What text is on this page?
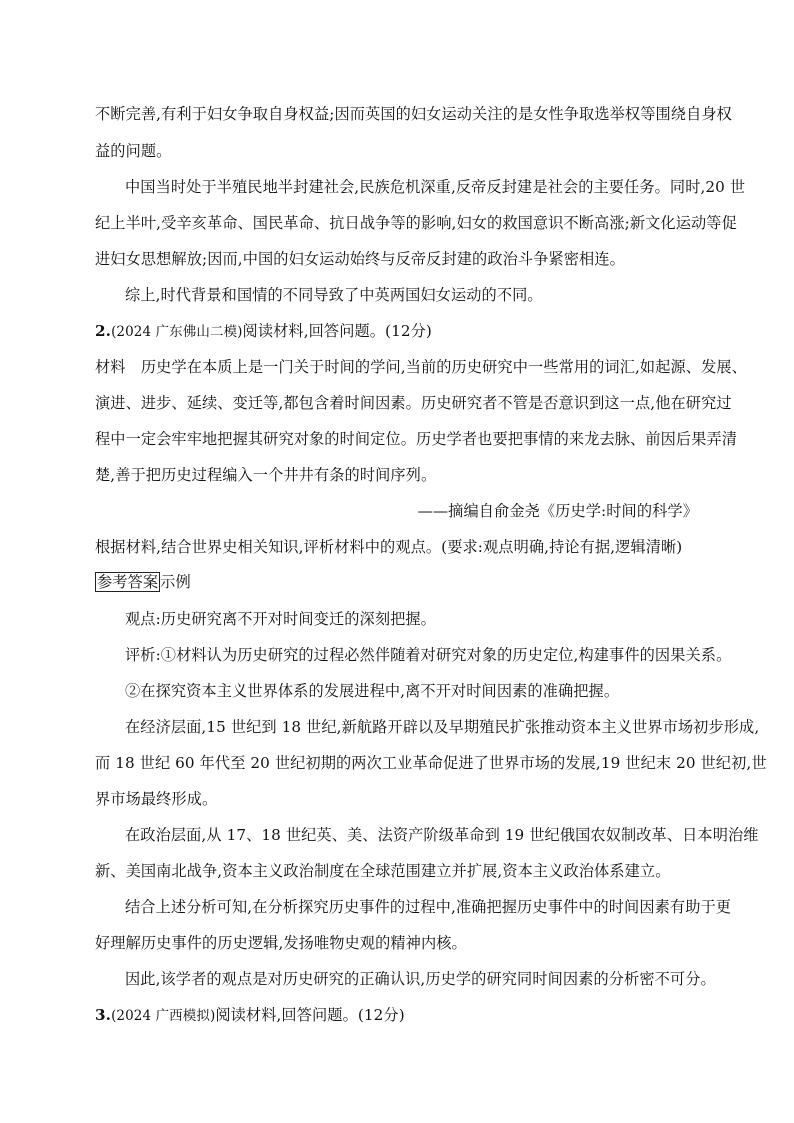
不断完善,有利于妇女争取自身权益;因而英国的妇女运动关注的是女性争取选举权等围绕自身权
益的问题。
中国当时处于半殖民地半封建社会,民族危机深重,反帝反封建是社会的主要任务。同时,20 世
纪上半叶,受辛亥革命、国民革命、抗日战争等的影响,妇女的救国意识不断高涨;新文化运动等促
进妇女思想解放;因而,中国的妇女运动始终与反帝反封建的政治斗争紧密相连。
综上,时代背景和国情的不同导致了中英两国妇女运动的不同。
2.(2024 广东佛山二模)阅读材料,回答问题。(12分)
材料  历史学在本质上是一门关于时间的学问,当前的历史研究中一些常用的词汇,如起源、发展、
演进、进步、延续、变迁等,都包含着时间因素。历史研究者不管是否意识到这一点,他在研究过
程中一定会牢牢地把握其研究对象的时间定位。历史学者也要把事情的来龙去脉、前因后果弄清
楚,善于把历史过程编入一个井井有条的时间序列。
——摘编自俞金尧《历史学:时间的科学》
根据材料,结合世界史相关知识,评析材料中的观点。(要求:观点明确,持论有据,逻辑清晰)
参考答案 示例
观点:历史研究离不开对时间变迁的深刻把握。
评析:①材料认为历史研究的过程必然伴随着对研究对象的历史定位,构建事件的因果关系。
②在探究资本主义世界体系的发展进程中,离不开对时间因素的准确把握。
在经济层面,15 世纪到 18 世纪,新航路开辟以及早期殖民扩张推动资本主义世界市场初步形成,
而 18 世纪 60 年代至 20 世纪初期的两次工业革命促进了世界市场的发展,19 世纪末 20 世纪初,世
界市场最终形成。
在政治层面,从 17、18 世纪英、美、法资产阶级革命到 19 世纪俄国农奴制改革、日本明治维
新、美国南北战争,资本主义政治制度在全球范围建立并扩展,资本主义政治体系建立。
结合上述分析可知,在分析探究历史事件的过程中,准确把握历史事件中的时间因素有助于更
好理解历史事件的历史逻辑,发扬唯物史观的精神内核。
因此,该学者的观点是对历史研究的正确认识,历史学的研究同时间因素的分析密不可分。
3.(2024 广西模拟)阅读材料,回答问题。(12分)
